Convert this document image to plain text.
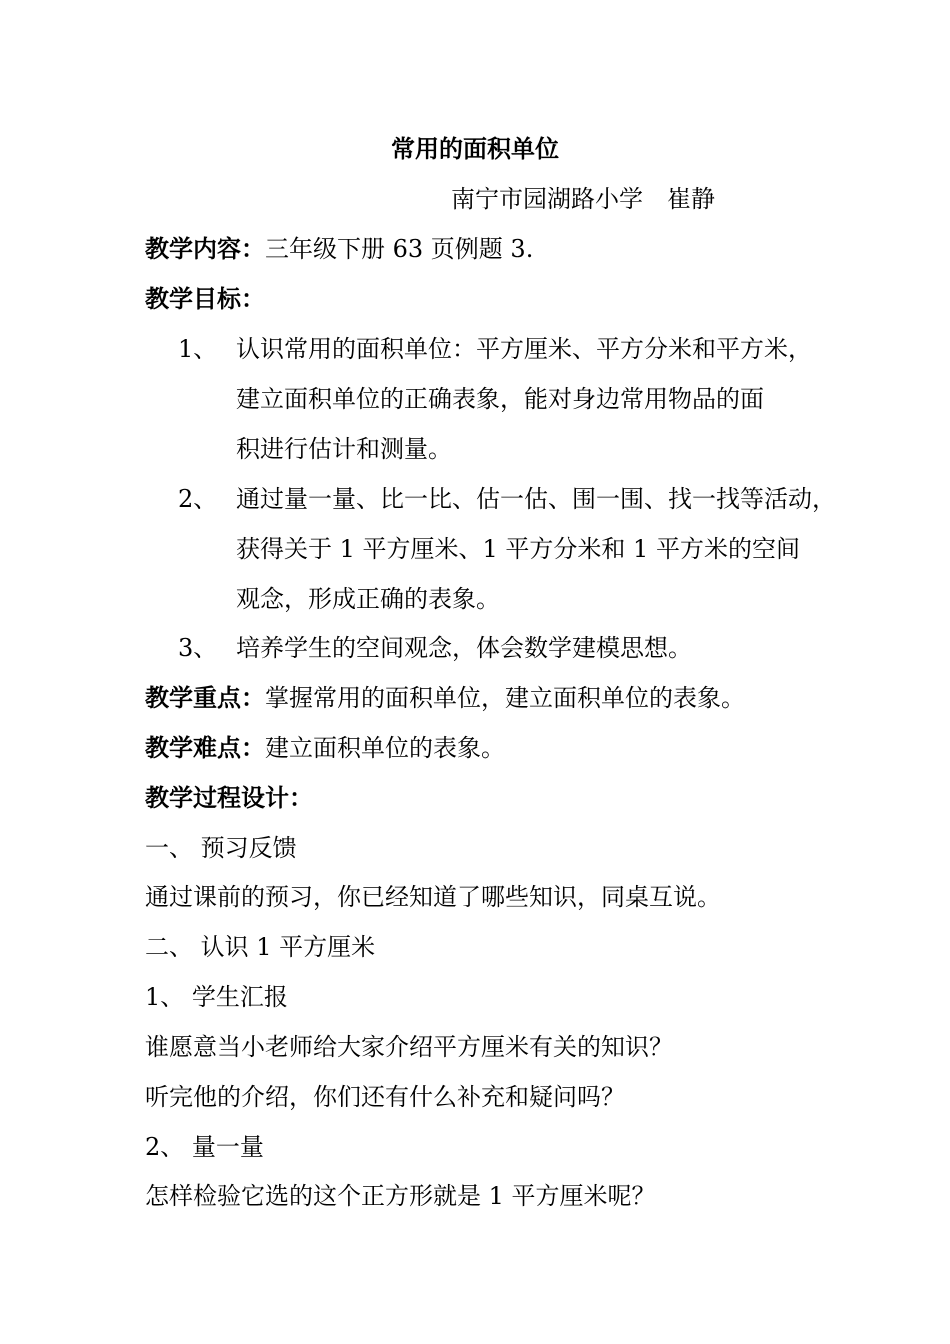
常用的面积单位
南宁市园湖路小学　崔静
教学内容：三年级下册 63 页例题 3.
教学目标：
1、 认识常用的面积单位：平方厘米、平方分米和平方米，
建立面积单位的正确表象，能对身边常用物品的面
积进行估计和测量。
2、 通过量一量、比一比、估一估、围一围、找一找等活动，
获得关于 1 平方厘米、1 平方分米和 1 平方米的空间
观念，形成正确的表象。
3、 培养学生的空间观念，体会数学建模思想。
教学重点：掌握常用的面积单位，建立面积单位的表象。
教学难点：建立面积单位的表象。
教学过程设计：
一、 预习反馈
通过课前的预习，你已经知道了哪些知识，同桌互说。
二、 认识 1 平方厘米
1、 学生汇报
谁愿意当小老师给大家介绍平方厘米有关的知识？
听完他的介绍，你们还有什么补充和疑问吗？
2、 量一量
怎样检验它选的这个正方形就是 1 平方厘米呢？
